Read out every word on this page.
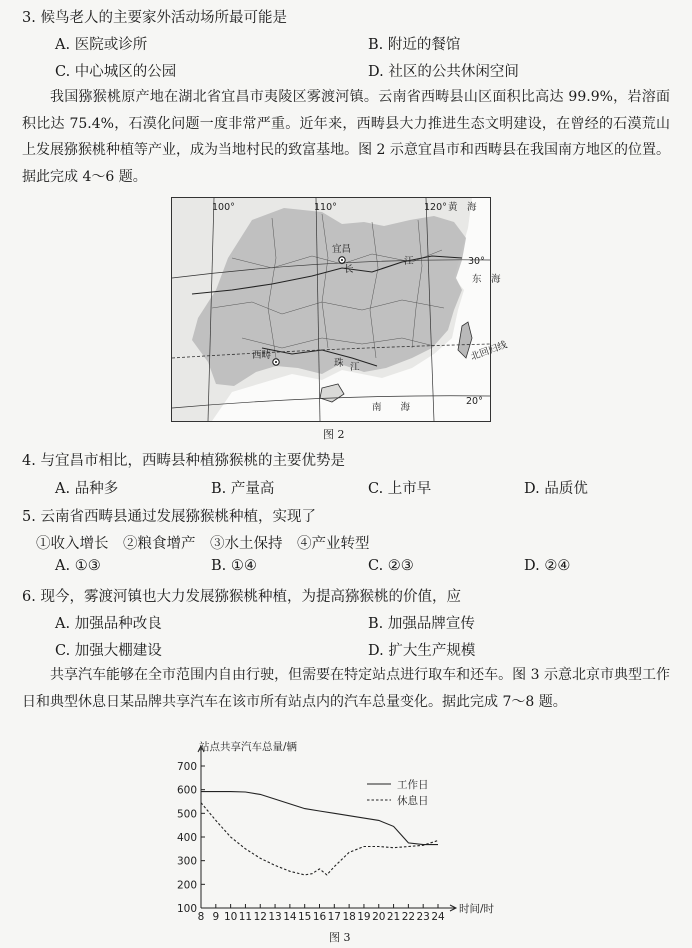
3. 候鸟老人的主要家外活动场所最可能是
A. 医院或诊所	B. 附近的餐馆
C. 中心城区的公园	D. 社区的公共休闲空间

我国猕猴桃原产地在湖北省宜昌市夷陵区雾渡河镇。云南省西畴县山区面积比高达 99.9%，岩溶面积比达 75.4%，石漠化问题一度非常严重。近年来，西畴县大力推进生态文明建设，在曾经的石漠荒山上发展猕猴桃种植等产业，成为当地村民的致富基地。图 2 示意宜昌市和西畴县在我国南方地区的位置。据此完成 4～6 题。

100°	110°	120°
30°
20°
宜昌
西畴
黄　海
东　海
南　　海
长
江
珠 江
北回归线
图 2
4. 与宜昌市相比，西畴县种植猕猴桃的主要优势是
A. 品种多	B. 产量高	C. 上市早	D. 品质优
5. 云南省西畴县通过发展猕猴桃种植，实现了
①收入增长　②粮食增产　③水土保持　④产业转型
A. ①③	B. ①④	C. ②③	D. ②④
6. 现今，雾渡河镇也大力发展猕猴桃种植，为提高猕猴桃的价值，应
A. 加强品种改良	B. 加强品牌宣传
C. 加强大棚建设	D. 扩大生产规模

共享汽车能够在全市范围内自由行驶，但需要在特定站点进行取车和还车。图 3 示意北京市典型工作日和典型休息日某品牌共享汽车在该市所有站点内的汽车总量变化。据此完成 7～8 题。

100
200
300
400
500
600
700
8 9 10 11 12 13 14 15 16 17 18 19 20 21 22 23 24
站点共享汽车总量/辆
时间/时
工作日
休息日
图 3
